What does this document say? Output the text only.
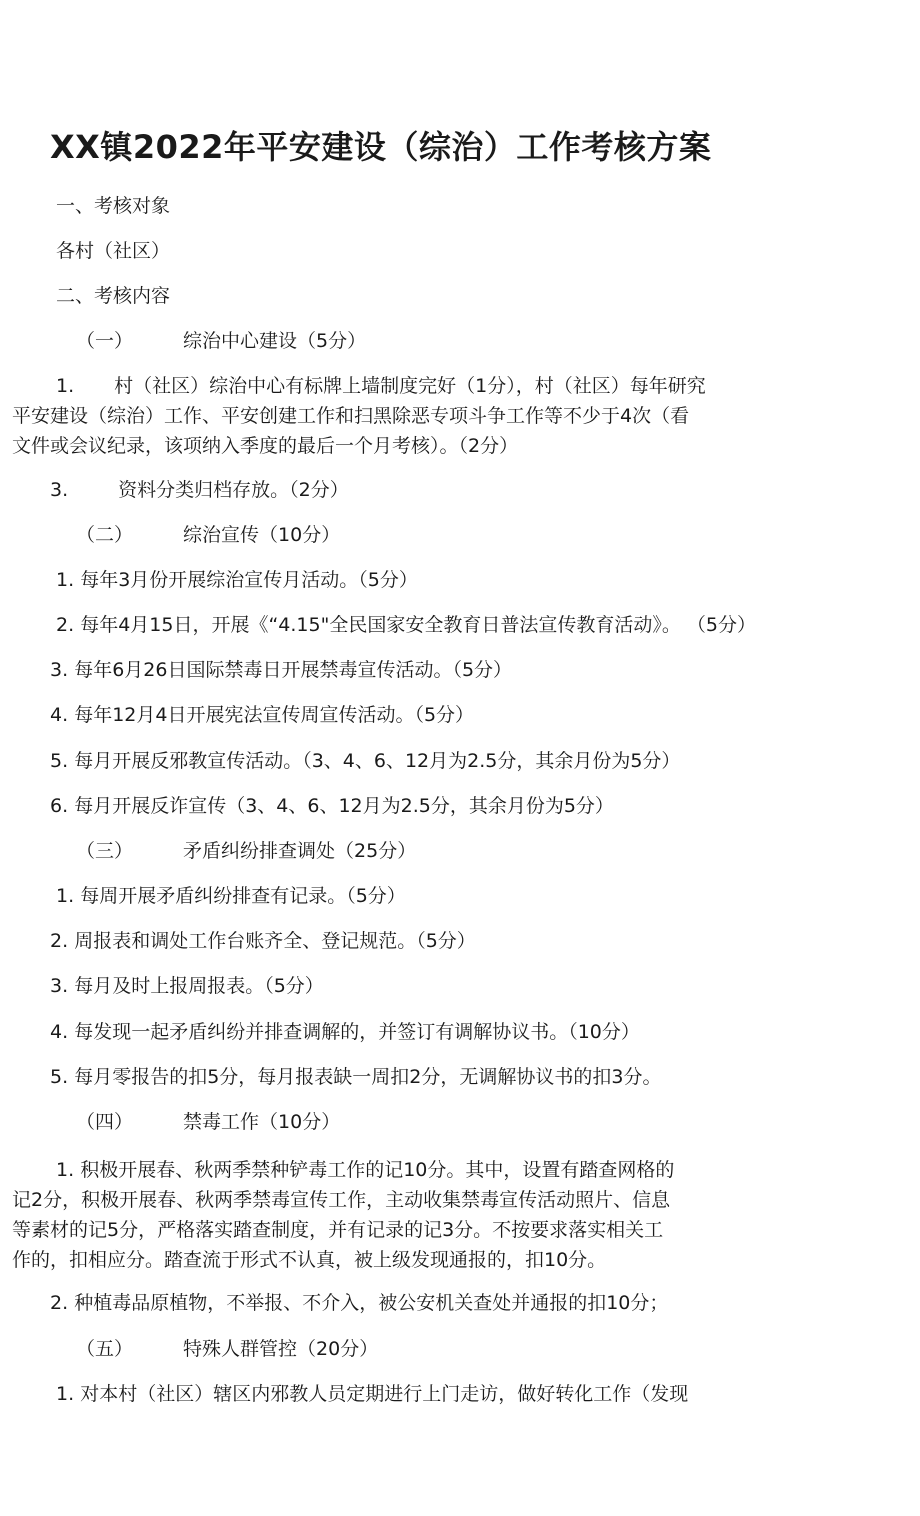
XX镇2022年平安建设（综治）工作考核方案

一、考核对象

各村（社区）

二、考核内容

（一）	综治中心建设（5分）

1. 村（社区）综治中心有标牌上墙制度完好（1分），村（社区）每年研究
平安建设（综治）工作、平安创建工作和扫黑除恶专项斗争工作等不少于4次（看
文件或会议纪录，该项纳入季度的最后一个月考核）。（2分）

3.	资料分类归档存放。（2分）

（二）	综治宣传（10分）

1. 每年3月份开展综治宣传月活动。（5分）

2. 每年4月15日，开展《“4.15"全民国家安全教育日普法宣传教育活动》。 （5分）

3. 每年6月26日国际禁毒日开展禁毒宣传活动。（5分）

4. 每年12月4日开展宪法宣传周宣传活动。（5分）

5. 每月开展反邪教宣传活动。（3、4、6、12月为2.5分，其余月份为5分）

6. 每月开展反诈宣传（3、4、6、12月为2.5分，其余月份为5分）

（三）	矛盾纠纷排查调处（25分）

1. 每周开展矛盾纠纷排查有记录。（5分）

2. 周报表和调处工作台账齐全、登记规范。（5分）

3. 每月及时上报周报表。（5分）

4. 每发现一起矛盾纠纷并排查调解的，并签订有调解协议书。（10分）

5. 每月零报告的扣5分，每月报表缺一周扣2分，无调解协议书的扣3分。

（四）	禁毒工作（10分）

1. 积极开展春、秋两季禁种铲毒工作的记10分。其中，设置有踏查网格的
记2分，积极开展春、秋两季禁毒宣传工作，主动收集禁毒宣传活动照片、信息
等素材的记5分，严格落实踏查制度，并有记录的记3分。不按要求落实相关工
作的，扣相应分。踏查流于形式不认真，被上级发现通报的，扣10分。

2. 种植毒品原植物，不举报、不介入，被公安机关查处并通报的扣10分；

（五）	特殊人群管控（20分）

1. 对本村（社区）辖区内邪教人员定期进行上门走访，做好转化工作（发现
